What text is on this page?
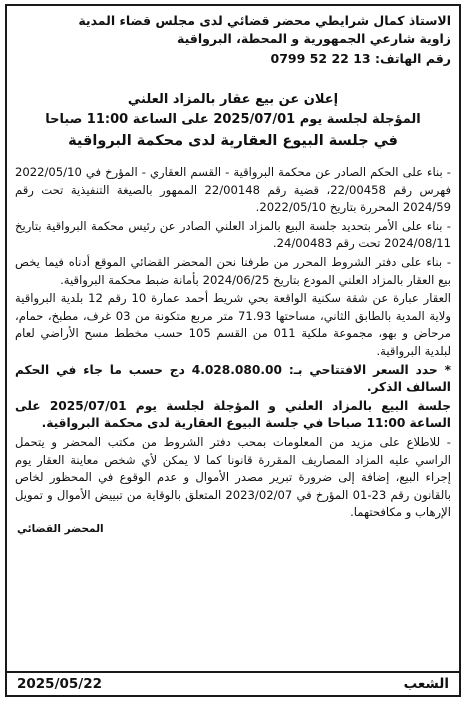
الاستاذ كمال شرايطي محضر قضائي لدى مجلس قضاء المدية

زاوية شارعي الجمهورية و المحطة، البرواقية

رقم الهاتف: 13 22 52 0799

إعلان عن بيع عقار بالمزاد العلني

المؤجلة لجلسة يوم 2025/07/01 على الساعة 11:00 صباحا

في جلسة البيوع العقارية لدى محكمة البرواقية

- بناء على الحكم الصادر عن محكمة البرواقية - القسم العقاري - المؤرخ في 2022/05/10 فهرس رقم 22/00458، قضية رقم 22/00148 الممهور بالصيغة التنفيذية تحت رقم 2024/59 المحررة بتاريخ 2022/05/10.

- بناء على الأمر بتحديد جلسة البيع بالمزاد العلني الصادر عن رئيس محكمة البرواقية بتاريخ 2024/08/11 تحت رقم 24/00483.

- بناء على دفتر الشروط المحرر من طرفنا نحن المحضر القضائي الموقع أدناه فيما يخص بيع العقار بالمزاد العلني المودع بتاريخ 2024/06/25 بأمانة ضبط محكمة البرواقية.

العقار عبارة عن شقة سكنية الواقعة بحي شريط أحمد عمارة 10 رقم 12 بلدية البرواقية ولاية المدية بالطابق الثاني، مساحتها 71.93 متر مربع متكونة من 03 غرف، مطبخ، حمام، مرحاض و بهو، مجموعة ملكية 011 من القسم 105 حسب مخطط مسح الأراضي لعام لبلدية البرواقية.

* حدد السعر الافتتاحي بـ: 4.028.080.00 دج حسب ما جاء في الحكم السالف الذكر.

جلسة البيع بالمزاد العلني و المؤجلة لجلسة يوم 2025/07/01 على الساعة 11:00 صباحا في جلسة البيوع العقارية لدى محكمة البرواقية.

- للاطلاع على مزيد من المعلومات بمحب دفتر الشروط من مكتب المحضر و يتحمل الراسي عليه المزاد المصاريف المقررة قانونا كما لا يمكن لأي شخص معاينة العقار يوم إجراء البيع، إضافة إلى ضرورة تبرير مصدر الأموال و عدم الوقوع في المحظور لخاص بالقانون رقم 23-01 المؤرخ في 2023/02/07 المتعلق بالوقاية من تبييض الأموال و تمويل الإرهاب و مكافحتهما.

المحضر القضائي
الشعب
2025/05/22
